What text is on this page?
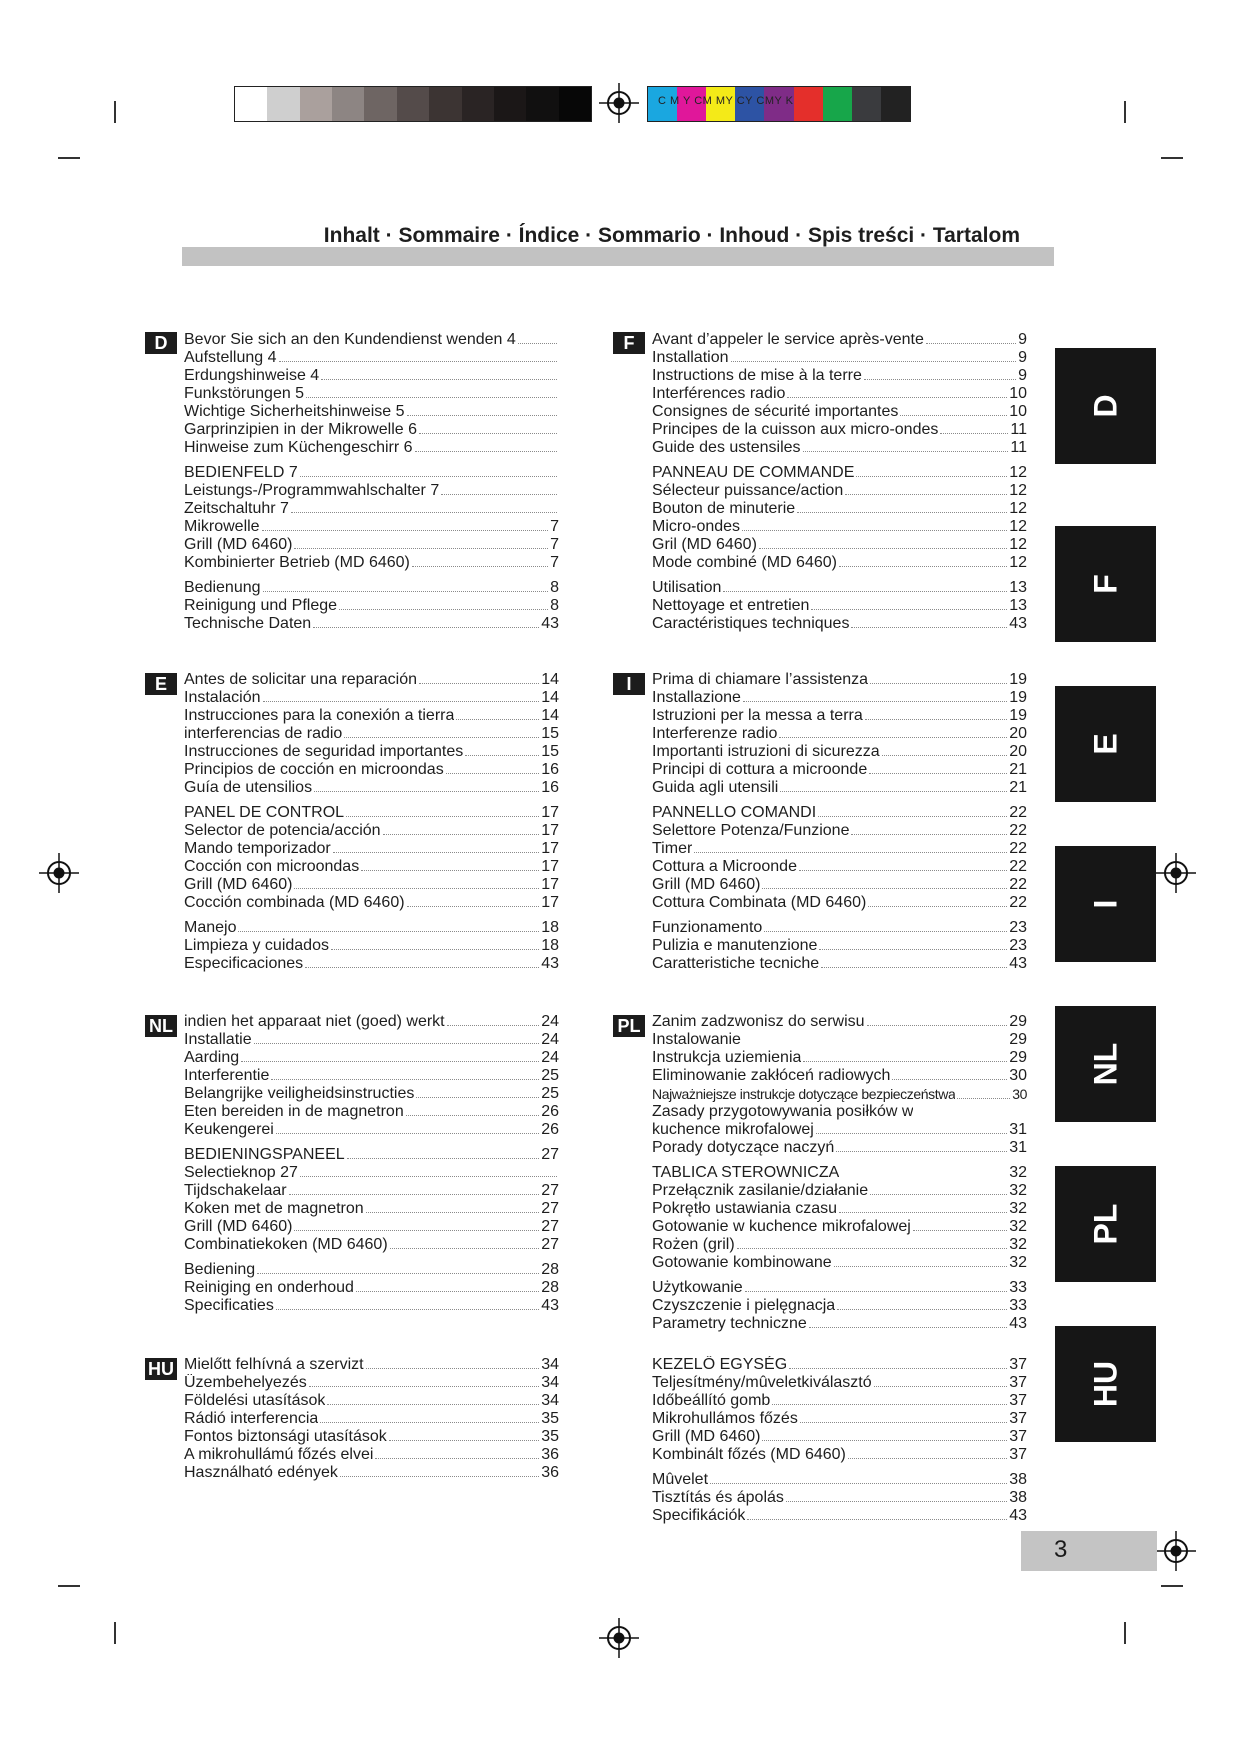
C M Y CM MY CY CMY K
Inhalt · Sommaire · Índice · Sommario · Inhoud · Spis treści · Tartalom
D	Bevor Sie sich an den Kundendienst wenden 4
Aufstellung 4
Erdungshinweise 4
Funkstörungen 5
Wichtige Sicherheitshinweise 5
Garprinzipien in der Mikrowelle 6
Hinweise zum Küchengeschirr 6
BEDIENFELD 7
Leistungs-/Programmwahlschalter 7
Zeitschaltuhr 7
Mikrowelle	7
Grill (MD 6460)	7
Kombinierter Betrieb (MD 6460)	7
Bedienung	8
Reinigung und Pflege	8
Technische Daten	43
F	Avant d’appeler le service après-vente	9
Installation	9
Instructions de mise à la terre	9
Interférences radio	10
Consignes de sécurité importantes	10
Principes de la cuisson aux micro-ondes	11
Guide des ustensiles	11
PANNEAU DE COMMANDE	12
Sélecteur puissance/action	12
Bouton de minuterie	12
Micro-ondes	12
Gril (MD 6460)	12
Mode combiné (MD 6460)	12
Utilisation	13
Nettoyage et entretien	13
Caractéristiques techniques	43
E	Antes de solicitar una reparación	14
Instalación	14
Instrucciones para la conexión a tierra	14
interferencias de radio	15
Instrucciones de seguridad importantes	15
Principios de cocción en microondas	16
Guía de utensilios	16
PANEL DE CONTROL	17
Selector de potencia/acción	17
Mando temporizador	17
Cocción con microondas	17
Grill (MD 6460)	17
Cocción combinada (MD 6460)	17
Manejo	18
Limpieza y cuidados	18
Especificaciones	43
I	Prima di chiamare l’assistenza	19
Installazione	19
Istruzioni per la messa a terra	19
Interferenze radio	20
Importanti istruzioni di sicurezza	20
Principi di cottura a microonde	21
Guida agli utensili	21
PANNELLO COMANDI	22
Selettore Potenza/Funzione	22
Timer	22
Cottura a Microonde	22
Grill (MD 6460)	22
Cottura Combinata (MD 6460)	22
Funzionamento	23
Pulizia e manutenzione	23
Caratteristiche tecniche	43
NL indien het apparaat niet (goed) werkt	24
Installatie	24
Aarding	24
Interferentie	25
Belangrijke veiligheidsinstructies	25
Eten bereiden in de magnetron	26
Keukengerei	26
BEDIENINGSPANEEL	27
Selectieknop 27
Tijdschakelaar	27
Koken met de magnetron	27
Grill (MD 6460)	27
Combinatiekoken (MD 6460)	27
Bediening	28
Reiniging en onderhoud	28
Specificaties	43
PL Zanim zadzwonisz do serwisu	29
Instalowanie	29
Instrukcja uziemienia	29
Eliminowanie zakłóceń radiowych	30
Najważniejsze instrukcje dotyczące bezpieczeństwa	30
Zasady przygotowywania posiłków w
kuchence mikrofalowej	31
Porady dotyczące naczyń	31
TABLICA STEROWNICZA	32
Przełącznik zasilanie/działanie	32
Pokrętło ustawiania czasu	32
Gotowanie w kuchence mikrofalowej	32
Rożen (gril)	32
Gotowanie kombinowane	32
Użytkowanie	33
Czyszczenie i pielęgnacja	33
Parametry techniczne	43
HU Mielőtt felhívná a szervizt	34
Üzembehelyezés	34
Földelési utasítások	34
Rádió interferencia	35
Fontos biztonsági utasítások	35
A mikrohullámú főzés elvei	36
Használható edények	36
KEZELŐ EGYSÉG	37
Teljesítmény/mûveletkiválasztó	37
Időbeállító gomb	37
Mikrohullámos főzés	37
Grill (MD 6460)	37
Kombinált főzés (MD 6460)	37
Mûvelet	38
Tisztítás és ápolás	38
Specifikációk	43
D
F
E
I
NL
PL
HU
3
